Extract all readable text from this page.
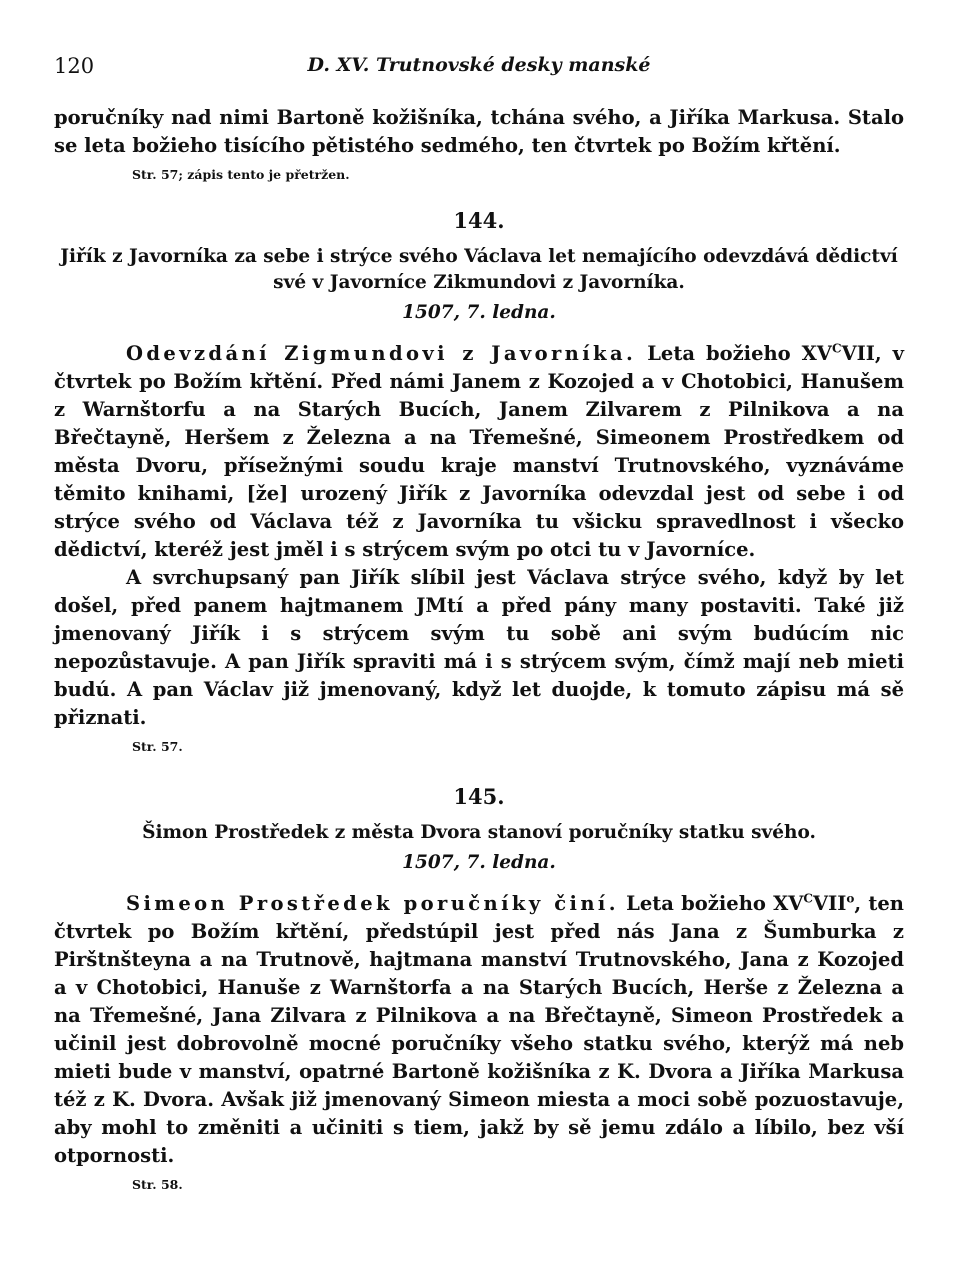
120	D. XV. Trutnovské desky manské

poručníky nad nimi Bartoně kožišníka, tchána svého, a Jiříka Markusa. Stalo se leta božieho tisícího pětistého sedmého, ten čtvrtek po Božím křtění.

Str. 57; zápis tento je přetržen.
144.
Jiřík z Javorníka za sebe i strýce svého Václava let nemajícího odevzdává dědictví své v Javorníce Zikmundovi z Javorníka.
1507, 7. ledna.

Odevzdání Zigmundovi z Javorníka. Leta božieho $XV^CVII$, v čtvrtek po Božím křtění. Před námi Janem z Kozojed a v Chotobici, Hanušem z Warnštorfu a na Starých Bucích, Janem Zilvarem z Pilnikova a na Břečtayně, Heršem z Železna a na Třemešné, Simeonem Prostředkem od města Dvoru, přísežnými soudu kraje manství Trutnovského, vyznáváme těmito knihami, [že] urozený Jiřík z Javorníka odevzdal jest od sebe i od strýce svého od Václava též z Javorníka tu všicku spravedlnost i všecko dědictví, kteréž jest jměl i s strýcem svým po otci tu v Javorníce.

A svrchupsaný pan Jiřík slíbil jest Václava strýce svého, když by let došel, před panem hajtmanem JMtí a před pány many postaviti. Také již jmenovaný Jiřík i s strýcem svým tu sobě ani svým budúcím nic nepozůstavuje. A pan Jiřík spraviti má i s strýcem svým, čímž mají neb mieti budú. A pan Václav již jmenovaný, když let duojde, k tomuto zápisu má sě přiznati.

Str. 57.
145.
Šimon Prostředek z města Dvora stanoví poručníky statku svého.
1507, 7. ledna.

Simeon Prostředek poručníky činí. Leta božieho $XV^CVII^o$, ten čtvrtek po Božím křtění, předstúpil jest před nás Jana z Šumburka z Pirštnšteyna a na Trutnově, hajtmana manství Trutnovského, Jana z Kozojed a v Chotobici, Hanuše z Warnštorfa a na Starých Bucích, Herše z Železna a na Třemešné, Jana Zilvara z Pilnikova a na Břečtayně, Simeon Prostředek a učinil jest dobrovolně mocné poručníky všeho statku svého, kterýž má neb mieti bude v manství, opatrné Bartoně kožišníka z K. Dvora a Jiříka Markusa též z K. Dvora. Avšak již jmenovaný Simeon miesta a moci sobě pozuostavuje, aby mohl to změniti a učiniti s tiem, jakž by sě jemu zdálo a líbilo, bez vší otpornosti.

Str. 58.
